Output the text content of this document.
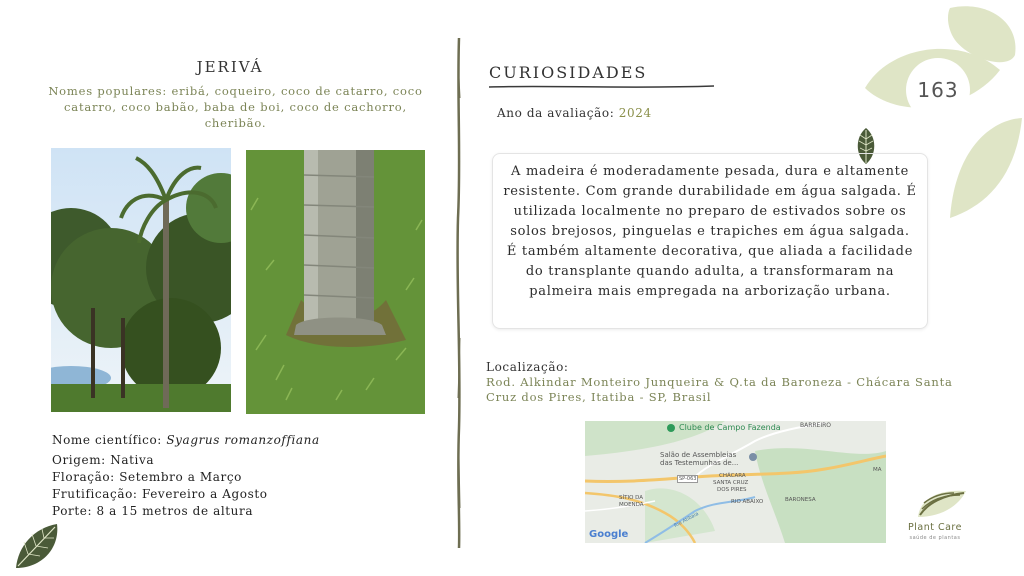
163
JERIVÁ
Nomes populares: eribá, coqueiro, coco de catarro, coco catarro, coco babão, baba de boi, coco de cachorro, cheribão.
Nome científico: Syagrus romanzoffiana
Origem: Nativa
Floração: Setembro a Março
Frutificação: Fevereiro a Agosto
Porte: 8 a 15 metros de altura
CURIOSIDADES
Ano da avaliação: 2024
A madeira é moderadamente pesada, dura e altamente resistente. Com grande durabilidade em água salgada. É utilizada localmente no preparo de estivados sobre os solos brejosos, pinguelas e trapiches em água salgada. É também altamente decorativa, que aliada a facilidade do transplante quando adulta, a transformaram na palmeira mais empregada na arborização urbana.
Localização:
Rod. Alkindar Monteiro Junqueira & Q.ta da Baroneza - Chácara Santa Cruz dos Pires, Itatiba - SP, Brasil
Clube de Campo Fazenda	BARREIRO
Salão de Assembleias
das Testemunhas de...
SP-063	CHÁCARA
SANTA CRUZ
DOS PIRES
SÍTIO DA
MOENDA	RIO ABAIXO	BARONESA
MA
Rio Atibaia
Google
Plant Care
saúde de plantas
